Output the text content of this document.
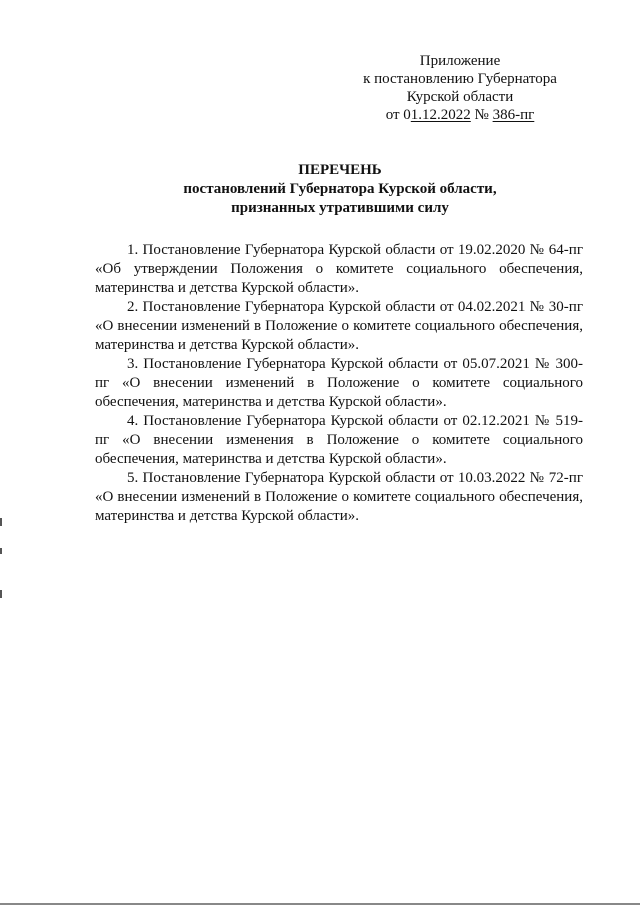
Приложение
к постановлению Губернатора
Курской области
от 01.12.2022 № 386-пг
ПЕРЕЧЕНЬ
постановлений Губернатора Курской области,
признанных утратившими силу

1. Постановление Губернатора Курской области от 19.02.2020 № 64-пг «Об утверждении Положения о комитете социального обеспечения, материнства и детства Курской области».

2. Постановление Губернатора Курской области от 04.02.2021 № 30-пг «О внесении изменений в Положение о комитете социального обеспечения, материнства и детства Курской области».

3. Постановление Губернатора Курской области от 05.07.2021 № 300-пг «О внесении изменений в Положение о комитете социального обеспечения, материнства и детства Курской области».

4. Постановление Губернатора Курской области от 02.12.2021 № 519-пг «О внесении изменения в Положение о комитете социального обеспечения, материнства и детства Курской области».

5. Постановление Губернатора Курской области от 10.03.2022 № 72-пг «О внесении изменений в Положение о комитете социального обеспечения, материнства и детства Курской области».
